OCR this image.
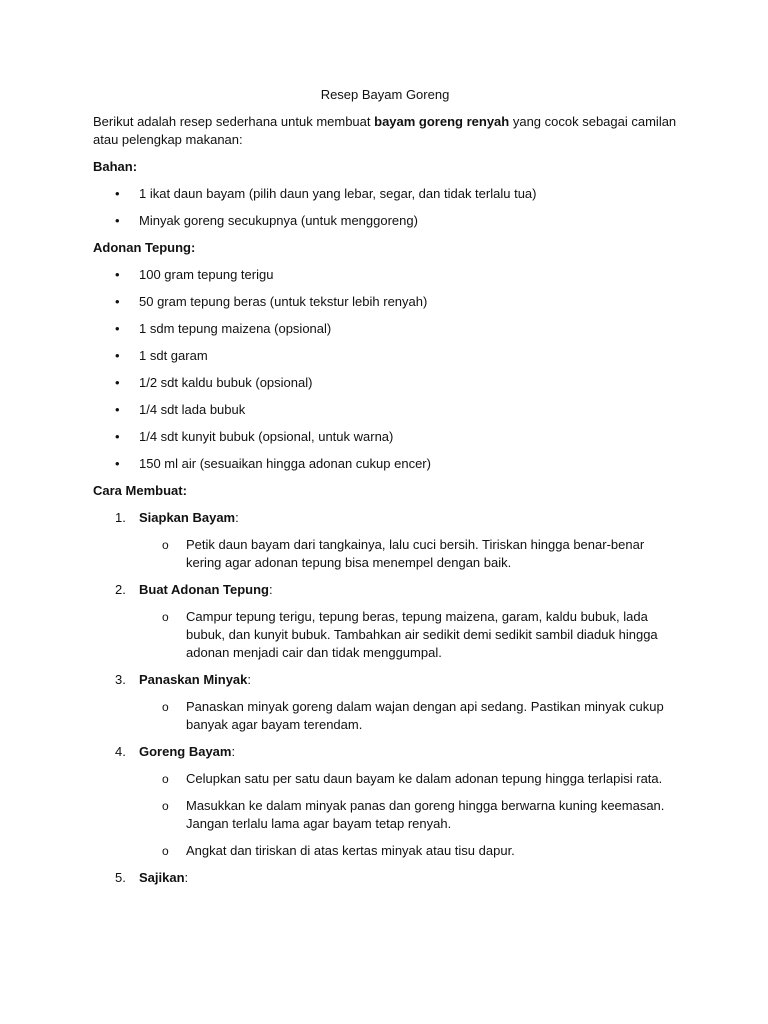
Resep Bayam Goreng

Berikut adalah resep sederhana untuk membuat bayam goreng renyah yang cocok sebagai camilan atau pelengkap makanan:

Bahan:

• 1 ikat daun bayam (pilih daun yang lebar, segar, dan tidak terlalu tua)
• Minyak goreng secukupnya (untuk menggoreng)

Adonan Tepung:

• 100 gram tepung terigu
• 50 gram tepung beras (untuk tekstur lebih renyah)
• 1 sdm tepung maizena (opsional)
• 1 sdt garam
• 1/2 sdt kaldu bubuk (opsional)
• 1/4 sdt lada bubuk
• 1/4 sdt kunyit bubuk (opsional, untuk warna)
• 150 ml air (sesuaikan hingga adonan cukup encer)

Cara Membuat:

1. Siapkan Bayam:
o Petik daun bayam dari tangkainya, lalu cuci bersih. Tiriskan hingga benar-benar kering agar adonan tepung bisa menempel dengan baik.
2. Buat Adonan Tepung:
o Campur tepung terigu, tepung beras, tepung maizena, garam, kaldu bubuk, lada bubuk, dan kunyit bubuk. Tambahkan air sedikit demi sedikit sambil diaduk hingga adonan menjadi cair dan tidak menggumpal.
3. Panaskan Minyak:
o Panaskan minyak goreng dalam wajan dengan api sedang. Pastikan minyak cukup banyak agar bayam terendam.
4. Goreng Bayam:
o Celupkan satu per satu daun bayam ke dalam adonan tepung hingga terlapisi rata.
o Masukkan ke dalam minyak panas dan goreng hingga berwarna kuning keemasan. Jangan terlalu lama agar bayam tetap renyah.
o Angkat dan tiriskan di atas kertas minyak atau tisu dapur.
5. Sajikan:
